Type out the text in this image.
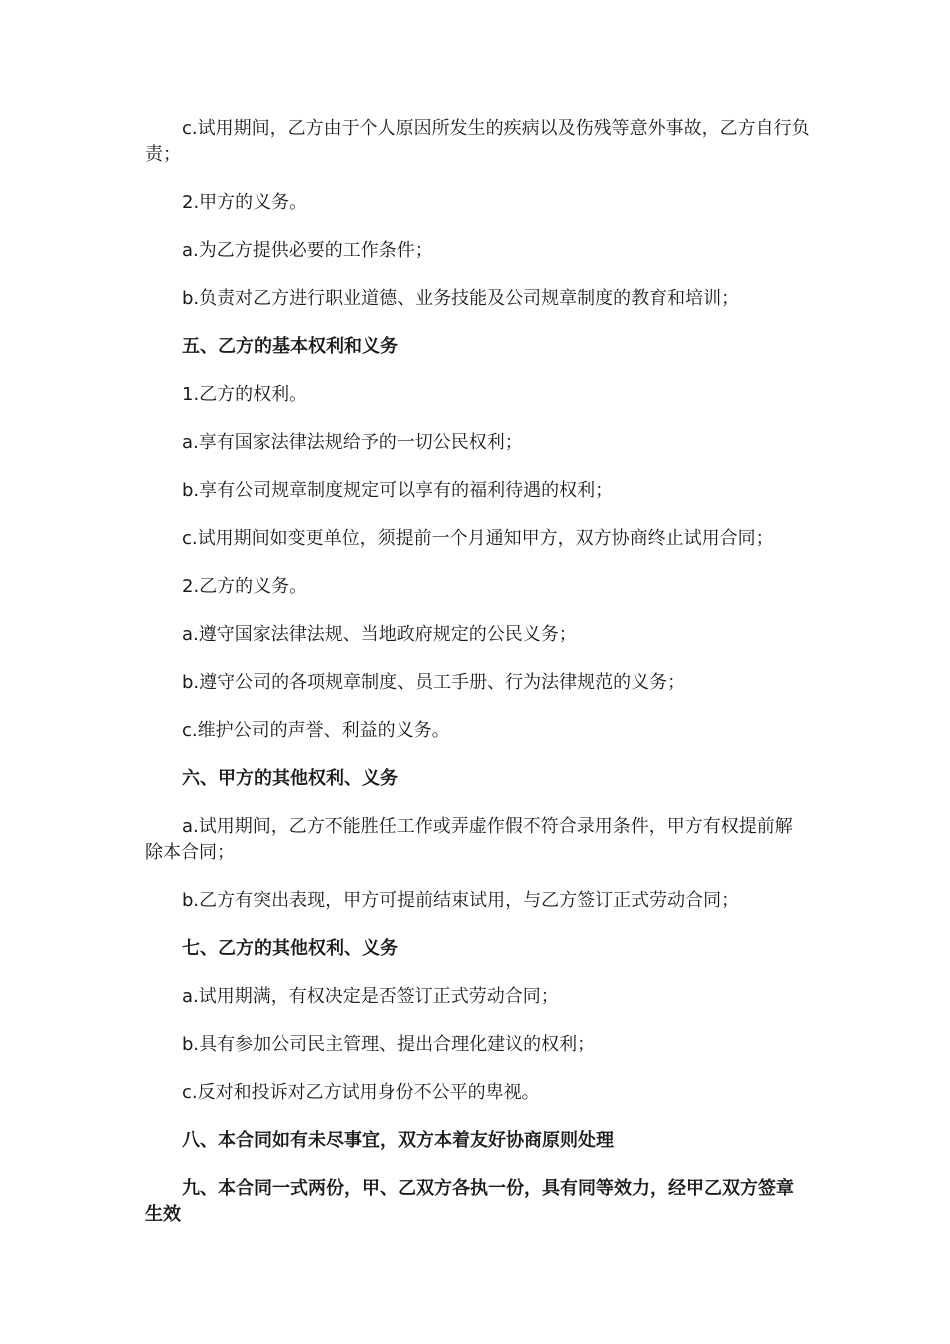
c.试用期间，乙方由于个人原因所发生的疾病以及伤残等意外事故，乙方自行负责；

2.甲方的义务。

a.为乙方提供必要的工作条件；

b.负责对乙方进行职业道德、业务技能及公司规章制度的教育和培训；

五、乙方的基本权利和义务

1.乙方的权利。

a.享有国家法律法规给予的一切公民权利；

b.享有公司规章制度规定可以享有的福利待遇的权利；

c.试用期间如变更单位，须提前一个月通知甲方，双方协商终止试用合同；

2.乙方的义务。

a.遵守国家法律法规、当地政府规定的公民义务；

b.遵守公司的各项规章制度、员工手册、行为法律规范的义务；

c.维护公司的声誉、利益的义务。

六、甲方的其他权利、义务

a.试用期间，乙方不能胜任工作或弄虚作假不符合录用条件，甲方有权提前解除本合同；

b.乙方有突出表现，甲方可提前结束试用，与乙方签订正式劳动合同；

七、乙方的其他权利、义务

a.试用期满，有权决定是否签订正式劳动合同；

b.具有参加公司民主管理、提出合理化建议的权利；

c.反对和投诉对乙方试用身份不公平的卑视。

八、本合同如有未尽事宜，双方本着友好协商原则处理

九、本合同一式两份，甲、乙双方各执一份，具有同等效力，经甲乙双方签章生效
